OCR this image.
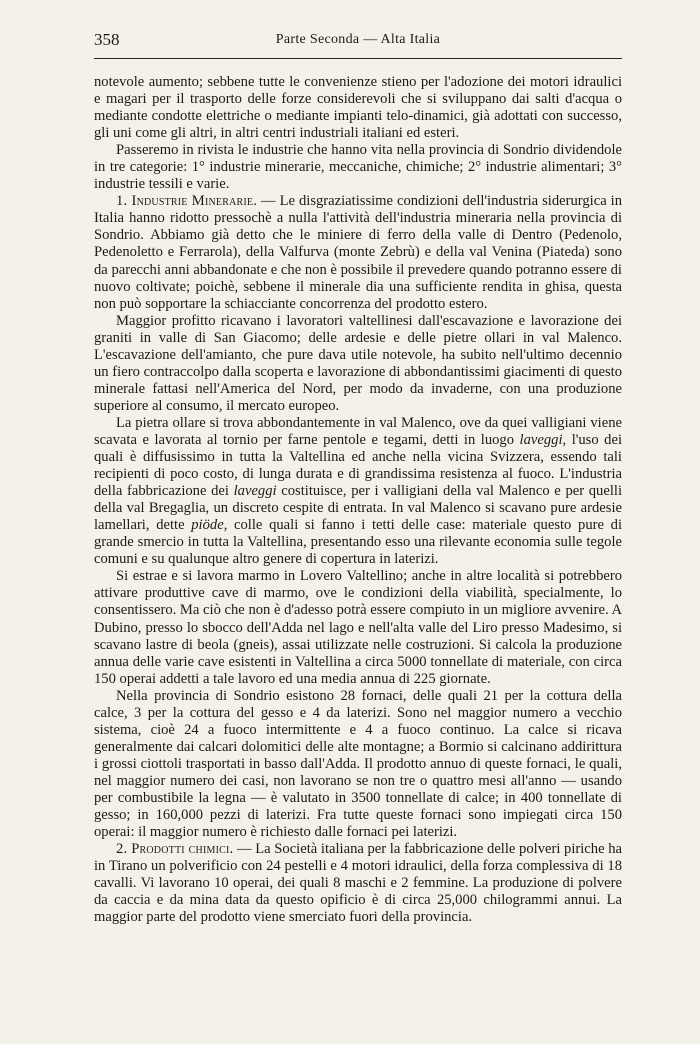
358	Parte Seconda — Alta Italia

notevole aumento; sebbene tutte le convenienze stieno per l'adozione dei motori idraulici e magari per il trasporto delle forze considerevoli che si sviluppano dai salti d'acqua o mediante condotte elettriche o mediante impianti telo-dinamici, già adottati con successo, gli uni come gli altri, in altri centri industriali italiani ed esteri.

Passeremo in rivista le industrie che hanno vita nella provincia di Sondrio dividendole in tre categorie: 1° industrie minerarie, meccaniche, chimiche; 2° industrie alimentari; 3° industrie tessili e varie.

1. Industrie Minerarie. — Le disgraziatissime condizioni dell'industria siderurgica in Italia hanno ridotto pressochè a nulla l'attività dell'industria mineraria nella provincia di Sondrio. Abbiamo già detto che le miniere di ferro della valle di Dentro (Pedenolo, Pedenoletto e Ferrarola), della Valfurva (monte Zebrù) e della val Venina (Piateda) sono da parecchi anni abbandonate e che non è possibile il prevedere quando potranno essere di nuovo coltivate; poichè, sebbene il minerale dia una sufficiente rendita in ghisa, questa non può sopportare la schiacciante concorrenza del prodotto estero.

Maggior profitto ricavano i lavoratori valtellinesi dall'escavazione e lavorazione dei graniti in valle di San Giacomo; delle ardesie e delle pietre ollari in val Malenco. L'escavazione dell'amianto, che pure dava utile notevole, ha subito nell'ultimo decennio un fiero contraccolpo dalla scoperta e lavorazione di abbondantissimi giacimenti di questo minerale fattasi nell'America del Nord, per modo da invaderne, con una produzione superiore al consumo, il mercato europeo.

La pietra ollare si trova abbondantemente in val Malenco, ove da quei valligiani viene scavata e lavorata al tornio per farne pentole e tegami, detti in luogo laveggi, l'uso dei quali è diffusissimo in tutta la Valtellina ed anche nella vicina Svizzera, essendo tali recipienti di poco costo, di lunga durata e di grandissima resistenza al fuoco. L'industria della fabbricazione dei laveggi costituisce, per i valligiani della val Malenco e per quelli della val Bregaglia, un discreto cespite di entrata. In val Malenco si scavano pure ardesie lamellari, dette piöde, colle quali si fanno i tetti delle case: materiale questo pure di grande smercio in tutta la Valtellina, presentando esso una rilevante economia sulle tegole comuni e su qualunque altro genere di copertura in laterizi.

Si estrae e si lavora marmo in Lovero Valtellino; anche in altre località si potrebbero attivare produttive cave di marmo, ove le condizioni della viabilità, specialmente, lo consentissero. Ma ciò che non è d'adesso potrà essere compiuto in un migliore avvenire. A Dubino, presso lo sbocco dell'Adda nel lago e nell'alta valle del Liro presso Madesimo, si scavano lastre di beola (gneis), assai utilizzate nelle costruzioni. Si calcola la produzione annua delle varie cave esistenti in Valtellina a circa 5000 tonnellate di materiale, con circa 150 operai addetti a tale lavoro ed una media annua di 225 giornate.

Nella provincia di Sondrio esistono 28 fornaci, delle quali 21 per la cottura della calce, 3 per la cottura del gesso e 4 da laterizi. Sono nel maggior numero a vecchio sistema, cioè 24 a fuoco intermittente e 4 a fuoco continuo. La calce si ricava generalmente dai calcari dolomitici delle alte montagne; a Bormio si calcinano addirittura i grossi ciottoli trasportati in basso dall'Adda. Il prodotto annuo di queste fornaci, le quali, nel maggior numero dei casi, non lavorano se non tre o quattro mesi all'anno — usando per combustibile la legna — è valutato in 3500 tonnellate di calce; in 400 tonnellate di gesso; in 160,000 pezzi di laterizi. Fra tutte queste fornaci sono impiegati circa 150 operai: il maggior numero è richiesto dalle fornaci pei laterizi.

2. Prodotti chimici. — La Società italiana per la fabbricazione delle polveri piriche ha in Tirano un polverificio con 24 pestelli e 4 motori idraulici, della forza complessiva di 18 cavalli. Vi lavorano 10 operai, dei quali 8 maschi e 2 femmine. La produzione di polvere da caccia e da mina data da questo opificio è di circa 25,000 chilogrammi annui. La maggior parte del prodotto viene smerciato fuori della provincia.
